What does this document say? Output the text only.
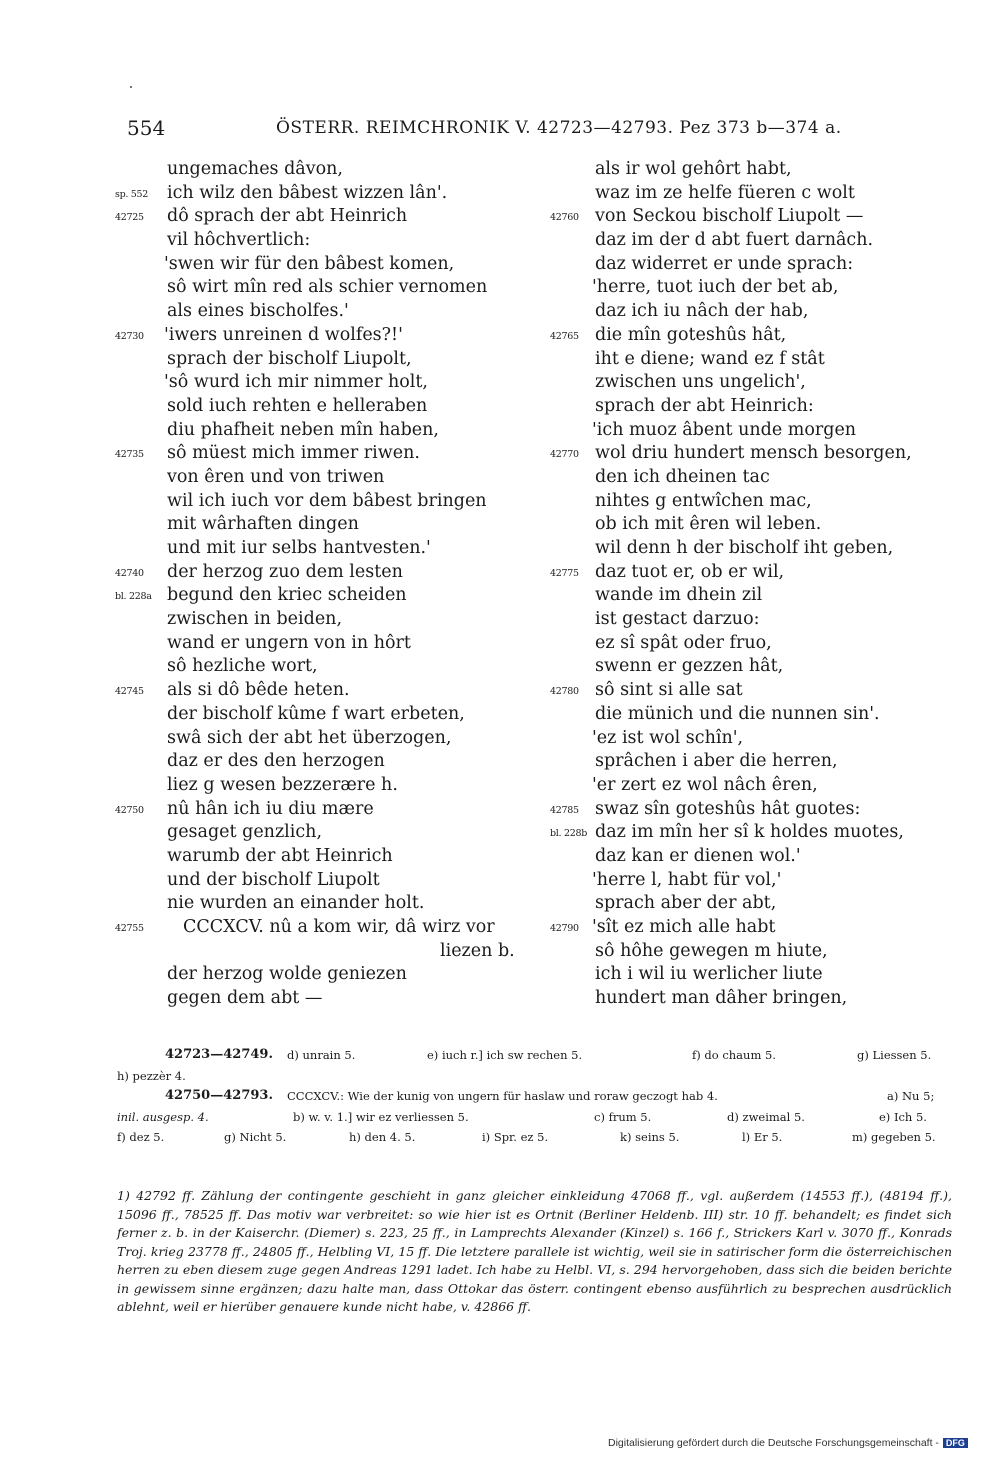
554	ÖSTERR. REIMCHRONIK V. 42723—42793. Pez 373 b—374 a.
ungemaches dâvon,
sp. 552 ich wilz den bâbest wizzen lân'.
42725 dô sprach der abt Heinrich
vil hôchvertlich:
'swen wir für den bâbest komen,
sô wirt mîn red als schier vernomen
als eines bischolfes.'
42730 'iwers unreinen d wolfes?!'
sprach der bischolf Liupolt,
'sô wurd ich mir nimmer holt,
sold iuch rehten e helleraben
diu phafheit neben mîn haben,
42735 sô müest mich immer riwen.
von êren und von triwen
wil ich iuch vor dem bâbest bringen
mit wârhaften dingen
und mit iur selbs hantvesten.'
42740 der herzog zuo dem lesten
bl. 228a begund den kriec scheiden
zwischen in beiden,
wand er ungern von in hôrt
sô hezliche wort,
42745 als si dô bêde heten.
der bischolf kûme f wart erbeten,
swâ sich der abt het überzogen,
daz er des den herzogen
liez g wesen bezzerære h.
42750 nû hân ich iu diu mære
gesaget genzlich,
warumb der abt Heinrich
und der bischolf Liupolt
nie wurden an einander holt.
42755 CCCXCV. nû a kom wir, dâ wirz vor
liezen b.
der herzog wolde geniezen
gegen dem abt —
als ir wol gehôrt habt,
waz im ze helfe füeren c wolt
42760 von Seckou bischolf Liupolt —
daz im der d abt fuert darnâch.
daz widerret er unde sprach:
'herre, tuot iuch der bet ab,
daz ich iu nâch der hab,
42765 die mîn goteshûs hât,
iht e diene; wand ez f stât
zwischen uns ungelich',
sprach der abt Heinrich:
'ich muoz âbent unde morgen
42770 wol driu hundert mensch besorgen,
den ich dheinen tac
nihtes g entwîchen mac,
ob ich mit êren wil leben.
wil denn h der bischolf iht geben,
42775 daz tuot er, ob er wil,
wande im dhein zil
ist gestact darzuo:
ez sî spât oder fruo,
swenn er gezzen hât,
42780 sô sint si alle sat
die münich und die nunnen sin'.
'ez ist wol schîn',
sprâchen i aber die herren,
'er zert ez wol nâch êren,
42785 swaz sîn goteshûs hât guotes:
bl. 228b daz im mîn her sî k holdes muotes,
daz kan er dienen wol.'
'herre l, habt für vol,'
sprach aber der abt,
42790 'sît ez mich alle habt
sô hôhe gewegen m hiute,
ich i wil iu werlicher liute
hundert man dâher bringen,
42723—42749. d) unrain 5.	e) iuch r.] ich sw rechen 5.	f) do chaum 5.	g) Liessen 5.
h) pezzèr 4.
42750—42793. CCCXCV.: Wie der kunig von ungern für haslaw und roraw geczogt hab 4.	a) Nu 5;
inil. ausgesp. 4.	b) w. v. 1.] wir ez verliessen 5.	c) frum 5.	d) zweimal 5.	e) Ich 5.
f) dez 5.	g) Nicht 5.	h) den 4. 5.	i) Spr. ez 5.	k) seins 5.	l) Er 5.	m) gegeben 5.
1) 42792 ff. Zählung der contingente geschieht in ganz gleicher einkleidung 47068 ff., vgl. außerdem (14553 ff.), (48194 ff.), 15096 ff., 78525 ff. Das motiv war verbreitet: so wie hier ist es Ortnit (Berliner Heldenb. III) str. 10 ff. behandelt; es findet sich ferner z. b. in der Kaiserchr. (Diemer) s. 223, 25 ff., in Lamprechts Alexander (Kinzel) s. 166 f., Strickers Karl v. 3070 ff., Konrads Troj. krieg 23778 ff., 24805 ff., Helbling VI, 15 ff. Die letztere parallele ist wichtig, weil sie in satirischer form die österreichischen herren zu eben diesem zuge gegen Andreas 1291 ladet. Ich habe zu Helbl. VI, s. 294 hervorgehoben, dass sich die beiden berichte in gewissem sinne ergänzen; dazu halte man, dass Ottokar das österr. contingent ebenso ausführlich zu besprechen ausdrücklich ablehnt, weil er hierüber genauere kunde nicht habe, v. 42866 ff.
Digitalisierung gefördert durch die Deutsche Forschungsgemeinschaft - DFG
